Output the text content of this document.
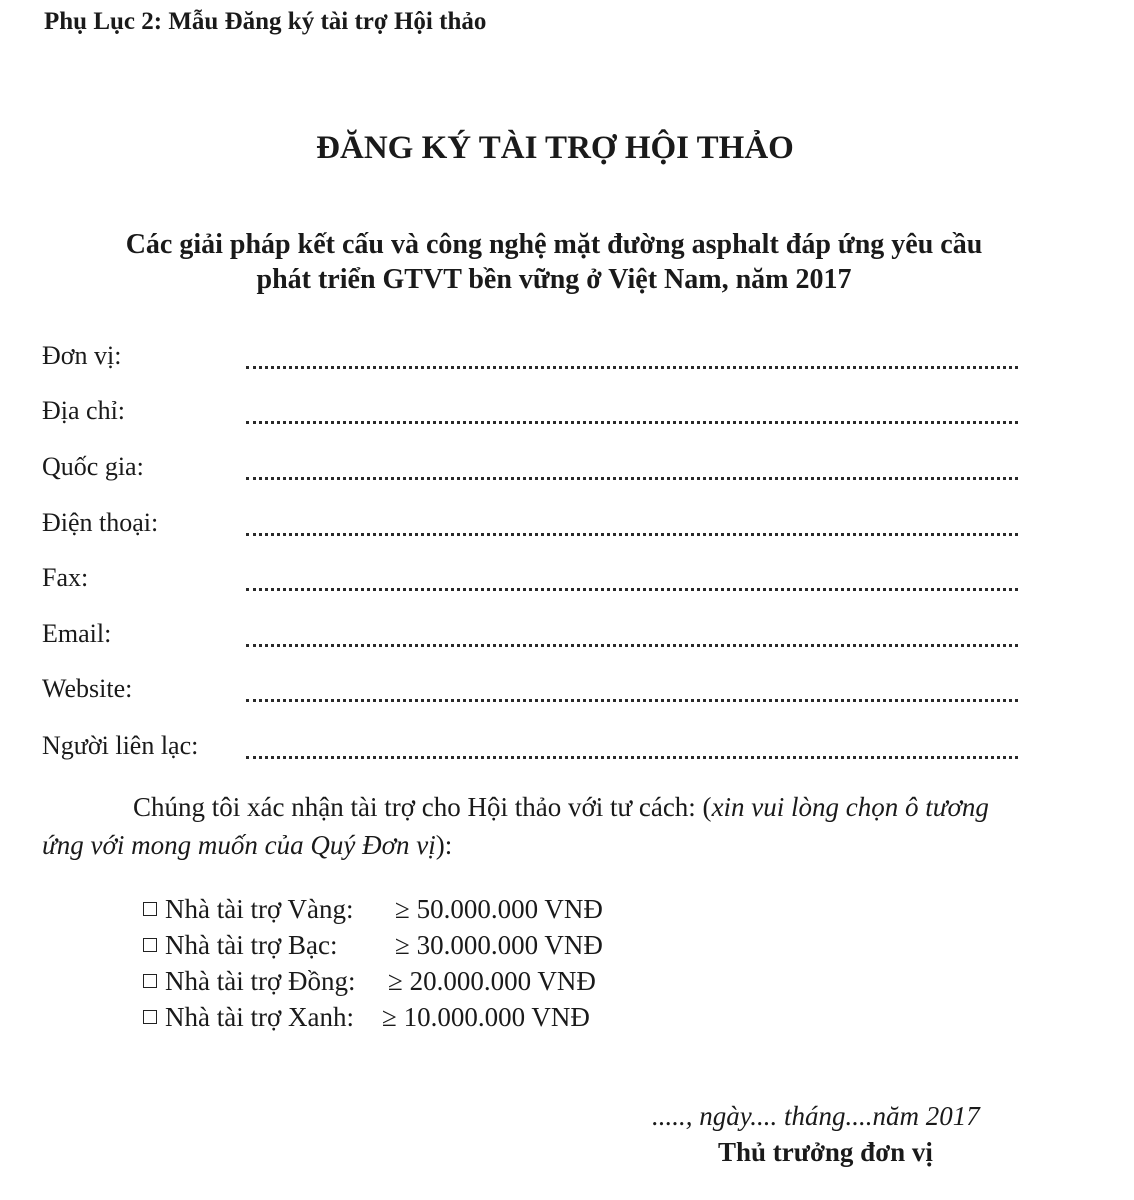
Phụ Lục 2: Mẫu Đăng ký tài trợ Hội thảo
ĐĂNG KÝ TÀI TRỢ HỘI THẢO
Các giải pháp kết cấu và công nghệ mặt đường asphalt đáp ứng yêu cầu
phát triển GTVT bền vững ở Việt Nam, năm 2017
Đơn vị:
Địa chỉ:
Quốc gia:
Điện thoại:
Fax:
Email:
Website:
Người liên lạc:
Chúng tôi xác nhận tài trợ cho Hội thảo với tư cách: (xin vui lòng chọn ô tương
ứng với mong muốn của Quý Đơn vị):
Nhà tài trợ Vàng: ≥ 50.000.000 VNĐ
Nhà tài trợ Bạc: ≥ 30.000.000 VNĐ
Nhà tài trợ Đồng: ≥ 20.000.000 VNĐ
Nhà tài trợ Xanh: ≥ 10.000.000 VNĐ
....., ngày.... tháng....năm 2017
Thủ trưởng đơn vị
